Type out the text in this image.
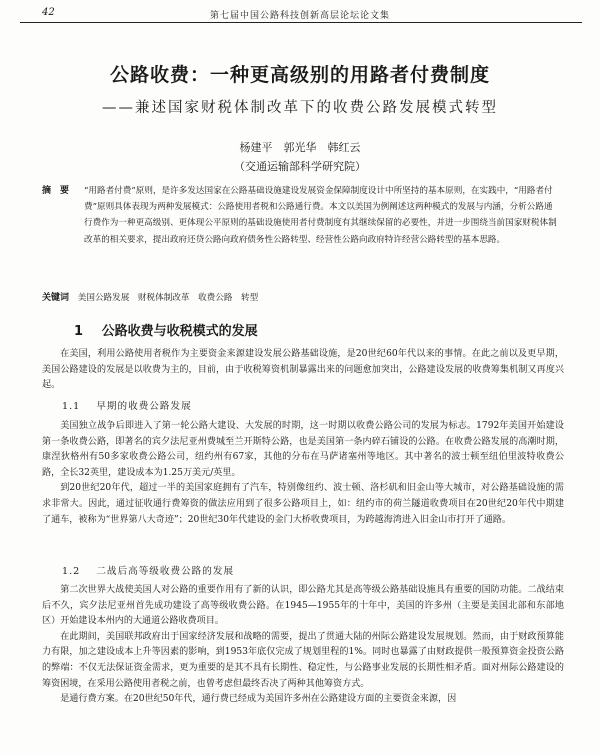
42	第七届中国公路科技创新高层论坛论文集
公路收费：一种更高级别的用路者付费制度
——兼述国家财税体制改革下的收费公路发展模式转型
杨建平　郭光华　韩红云
（交通运输部科学研究院）
摘　要 “用路者付费”原则，是许多发达国家在公路基础设施建设发展资金保障制度设计中所坚持的基本原则，在实践中，“用路者付费”原则具体表现为两种发展模式：公路使用者税和公路通行费。本文以美国为例阐述这两种模式的发展与内涵，分析公路通行费作为一种更高级别、更体现公平原则的基础设施使用者付费制度有其继续保留的必要性，并进一步围绕当前国家财税体制改革的相关要求，提出政府还贷公路向政府债务性公路转型、经营性公路向政府特许经营公路转型的基本思路。
关键词 美国公路发展　财税体制改革　收费公路　转型
1 公路收费与收税模式的发展

在美国，利用公路使用者税作为主要资金来源建设发展公路基础设施，是20世纪60年代以来的事情。在此之前以及更早期，美国公路建设的发展是以收费为主的，目前，由于收税筹资机制暴露出来的问题愈加突出，公路建设发展的收费筹集机制又再度兴起。

1.1 早期的收费公路发展

美国独立战争后即进入了第一轮公路大建设、大发展的时期，这一时期以收费公路公司的发展为标志。1792年美国开始建设第一条收费公路，即著名的宾夕法尼亚州费城至兰开斯特公路，也是美国第一条内碎石铺设的公路。在收费公路发展的高潮时期，康涅狄格州有50多家收费公路公司，纽约州有67家，其他的分布在马萨诸塞州等地区。其中著名的波士顿至纽伯里波特收费公路，全长32英里，建设成本为1.25万美元/英里。

到20世纪20年代，超过一半的美国家庭拥有了汽车，特别像纽约、波士顿、洛杉矶和旧金山等大城市，对公路基础设施的需求非常大。因此，通过征收通行费筹资的做法应用到了很多公路项目上，如：纽约市的荷兰隧道收费项目在20世纪20年代中期建了通车，被称为“世界第八大奇迹”；20世纪30年代建设的金门大桥收费项目，为跨越海湾进入旧金山市打开了通路。

1.2 二战后高等级收费公路的发展

第二次世界大战使美国人对公路的重要作用有了新的认识，即公路尤其是高等级公路基础设施具有重要的国防功能。二战结束后不久，宾夕法尼亚州首先成功建设了高等级收费公路。在1945—1955年的十年中，美国的许多州（主要是美国北部和东部地区）开始建设本州内的大通道公路收费项目。

在此期间，美国联邦政府出于国家经济发展和战略的需要，提出了贯通大陆的州际公路建设发展规划。然而，由于财政预算能力有限，加之建设成本上升等因素的影响，到1953年底仅完成了规划里程的1%。同时也暴露了由财政提供一般预算资金投资公路的弊端：不仅无法保证资金需求，更为重要的是其不具有长期性、稳定性，与公路事业发展的长期性相矛盾。面对州际公路建设的筹资困境，在采用公路使用者税之前，也曾考虑但最终否决了两种其他筹资方式。

是通行费方案。在20世纪50年代，通行费已经成为美国许多州在公路建设方面的主要资金来源，因
